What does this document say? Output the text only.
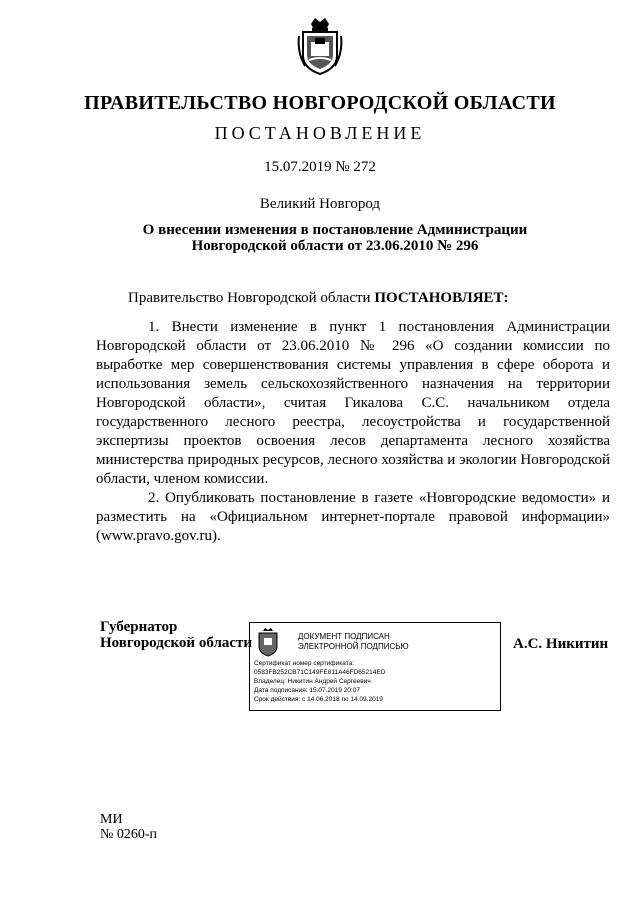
ПРАВИТЕЛЬСТВО НОВГОРОДСКОЙ ОБЛАСТИ
ПОСТАНОВЛЕНИЕ
15.07.2019 № 272
Великий Новгород
О внесении изменения в постановление Администрации
Новгородской области от 23.06.2010 № 296
Правительство Новгородской области ПОСТАНОВЛЯЕТ:

1. Внести изменение в пункт 1 постановления Администрации Новгородской области от 23.06.2010 № 296 «О создании комиссии по выработке мер совершенствования системы управления в сфере оборота и использования земель сельскохозяйственного назначения на территории Новгородской области», считая Гикалова С.С. начальником отдела государственного лесного реестра, лесоустройства и государственной экспертизы проектов освоения лесов департамента лесного хозяйства министерства природных ресурсов, лесного хозяйства и экологии Новгородской области, членом комиссии.

2. Опубликовать постановление в газете «Новгородские ведомости» и разместить на «Официальном интернет-портале правовой информации» (www.pravo.gov.ru).

Губернатор
Новгородской области	ДОКУМЕНТ ПОДПИСАН
ЭЛЕКТРОННОЙ ПОДПИСЬЮ
Сертификат номер сертификата:
0583FB252CB71C149FE811A46FD65214ED
Владелец: Никитин Андрей Сергеевич
Дата подписания: 15.07.2019 20:07
Срок действия: с 14.06.2018 по 14.09.2019
А.С. Никитин
МИ
№ 0260-п
